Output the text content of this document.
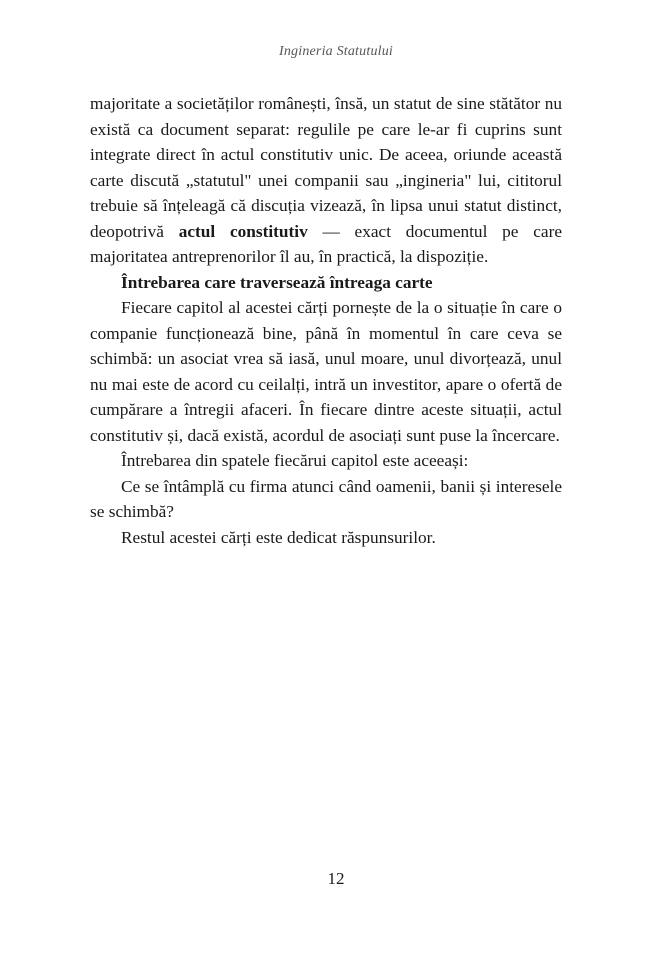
Ingineria Statutului

majoritate a societăților românești, însă, un statut de sine stătător nu există ca document separat: regulile pe care le-ar fi cuprins sunt integrate direct în actul constitutiv unic. De aceea, oriunde această carte discută „statutul" unei companii sau „ingineria" lui, cititorul trebuie să înțeleagă că discuția vizează, în lipsa unui statut distinct, deopotrivă actul constitutiv — exact documentul pe care majoritatea antreprenorilor îl au, în practică, la dispoziție.

Întrebarea care traversează întreaga carte

Fiecare capitol al acestei cărți pornește de la o situație în care o companie funcționează bine, până în momentul în care ceva se schimbă: un asociat vrea să iasă, unul moare, unul divorțează, unul nu mai este de acord cu ceilalți, intră un investitor, apare o ofertă de cumpărare a întregii afaceri. În fiecare dintre aceste situații, actul constitutiv și, dacă există, acordul de asociați sunt puse la încercare.

Întrebarea din spatele fiecărui capitol este aceeași:

Ce se întâmplă cu firma atunci când oamenii, banii și interesele se schimbă?

Restul acestei cărți este dedicat răspunsurilor.

12
